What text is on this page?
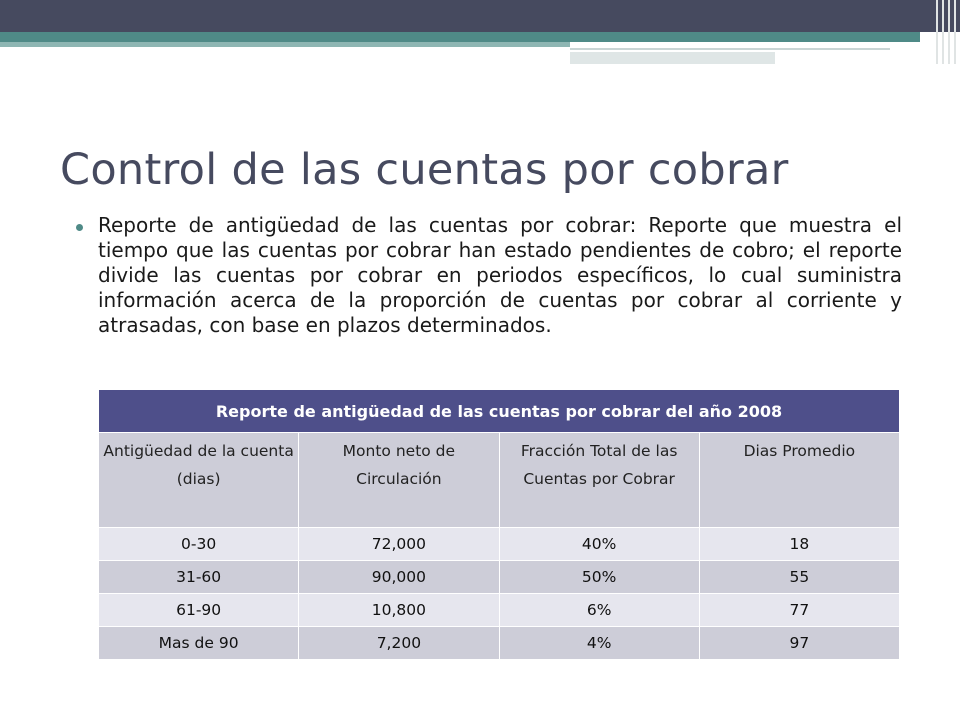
Control de las cuentas por cobrar
Reporte de antigüedad de las cuentas por cobrar: Reporte que muestra el tiempo que las cuentas por cobrar han estado pendientes de cobro; el reporte divide las cuentas por cobrar en periodos específicos, lo cual suministra información acerca de la proporción de cuentas por cobrar al corriente y atrasadas, con base en plazos determinados.
Reporte de antigüedad de las cuentas por cobrar del año 2008			
Antigüedad de la cuenta (dias)	Monto neto de Circulación	Fracción Total de las Cuentas por Cobrar	Dias Promedio
0-30	72,000	40%	18
31-60	90,000	50%	55
61-90	10,800	6%	77
Mas de 90	7,200	4%	97
